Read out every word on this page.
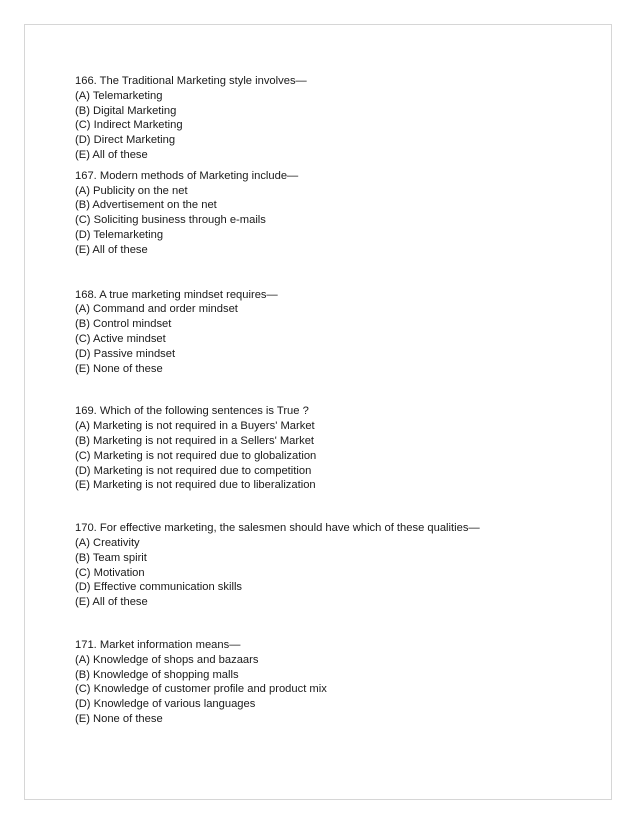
166. The Traditional Marketing style involves—
(A) Telemarketing
(B) Digital Marketing
(C) Indirect Marketing
(D) Direct Marketing
(E) All of these
167. Modern methods of Marketing include—
(A) Publicity on the net
(B) Advertisement on the net
(C) Soliciting business through e-mails
(D) Telemarketing
(E) All of these
168. A true marketing mindset requires—
(A) Command and order mindset
(B) Control mindset
(C) Active mindset
(D) Passive mindset
(E) None of these
169. Which of the following sentences is True ?
(A) Marketing is not required in a Buyers' Market
(B) Marketing is not required in a Sellers' Market
(C) Marketing is not required due to globalization
(D) Marketing is not required due to competition
(E) Marketing is not required due to liberalization
170. For effective marketing, the salesmen should have which of these qualities—
(A) Creativity
(B) Team spirit
(C) Motivation
(D) Effective communication skills
(E) All of these
171. Market information means—
(A) Knowledge of shops and bazaars
(B) Knowledge of shopping malls
(C) Knowledge of customer profile and product mix
(D) Knowledge of various languages
(E) None of these
